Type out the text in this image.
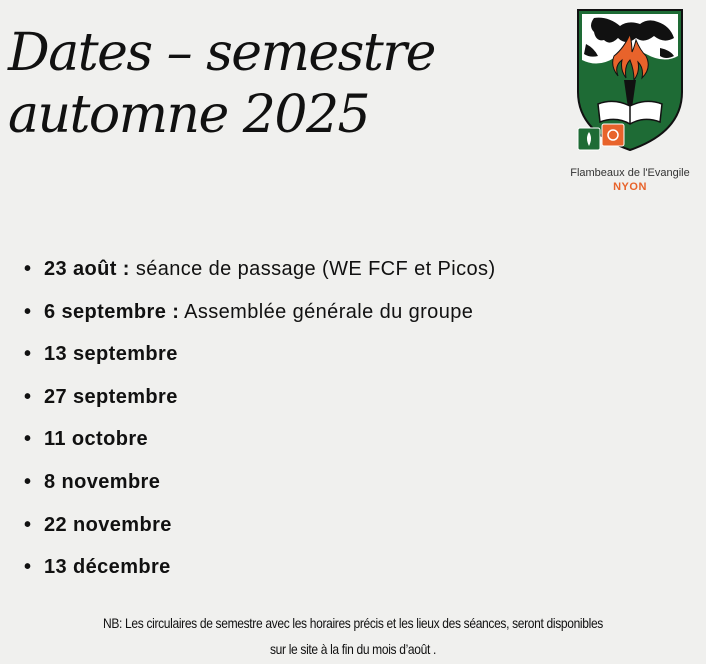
Dates – semestre
automne 2025
Flambeaux de l'Evangile
NYON
• 23 août : séance de passage (WE FCF et Picos)
• 6 septembre : Assemblée générale du groupe
• 13 septembre
• 27 septembre
• 11 octobre
• 8 novembre
• 22 novembre
• 13 décembre
NB: Les circulaires de semestre avec les horaires précis et les lieux des séances, seront disponibles
sur le site à la fin du mois d’août .
